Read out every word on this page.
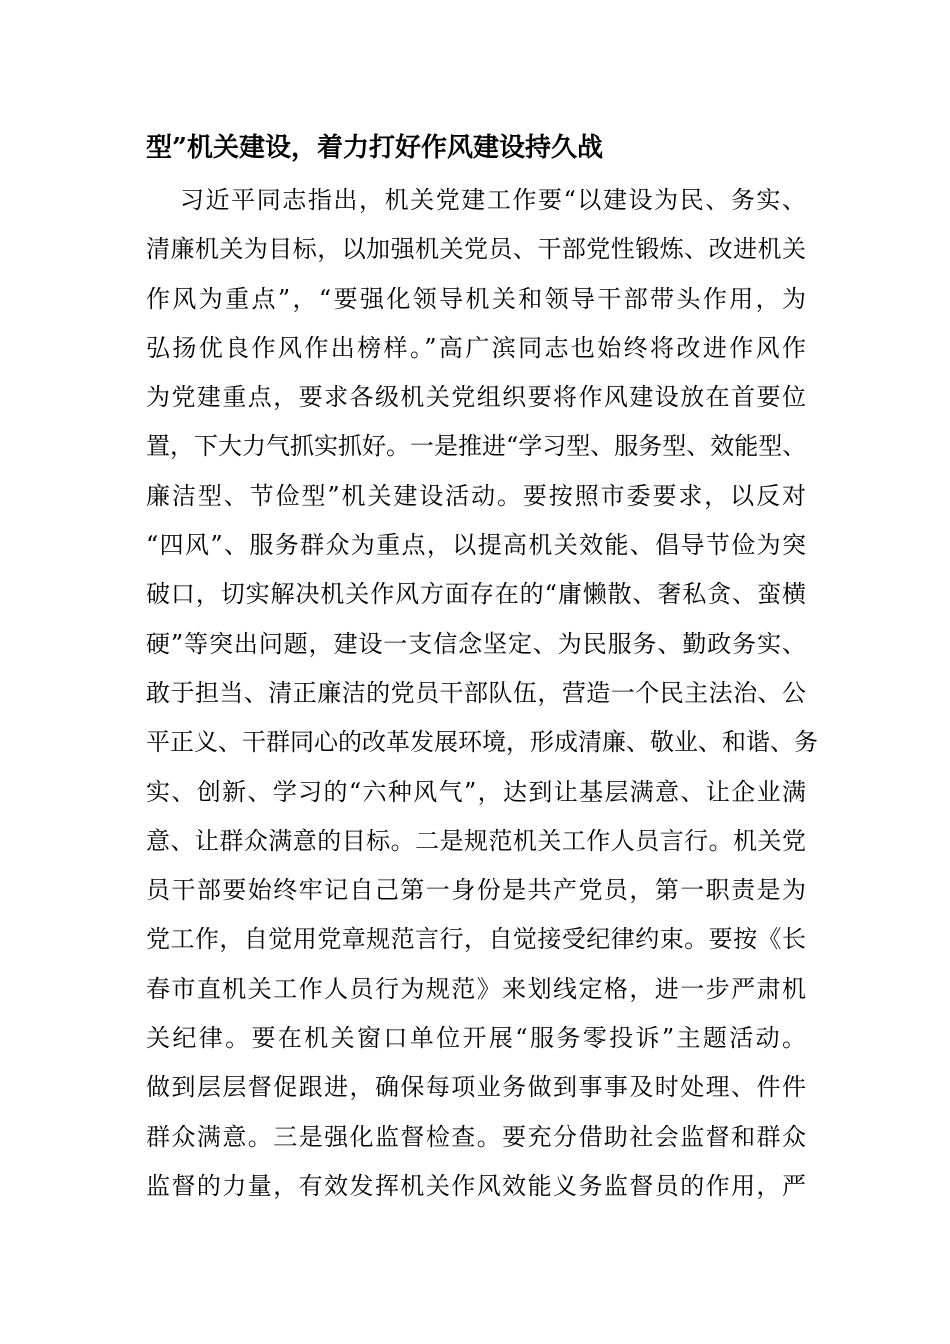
型”机关建设，着力打好作风建设持久战
习近平同志指出，机关党建工作要“以建设为民、务实、
清廉机关为目标，以加强机关党员、干部党性锻炼、改进机关
作风为重点”，“要强化领导机关和领导干部带头作用，为
弘扬优良作风作出榜样。”高广滨同志也始终将改进作风作
为党建重点，要求各级机关党组织要将作风建设放在首要位
置，下大力气抓实抓好。一是推进“学习型、服务型、效能型、
廉洁型、节俭型”机关建设活动。要按照市委要求，以反对
“四风”、服务群众为重点，以提高机关效能、倡导节俭为突
破口，切实解决机关作风方面存在的“庸懒散、奢私贪、蛮横
硬”等突出问题，建设一支信念坚定、为民服务、勤政务实、
敢于担当、清正廉洁的党员干部队伍，营造一个民主法治、公
平正义、干群同心的改革发展环境，形成清廉、敬业、和谐、务
实、创新、学习的“六种风气”，达到让基层满意、让企业满
意、让群众满意的目标。二是规范机关工作人员言行。机关党
员干部要始终牢记自己第一身份是共产党员，第一职责是为
党工作，自觉用党章规范言行，自觉接受纪律约束。要按《长
春市直机关工作人员行为规范》来划线定格，进一步严肃机
关纪律。要在机关窗口单位开展“服务零投诉”主题活动。
做到层层督促跟进，确保每项业务做到事事及时处理、件件
群众满意。三是强化监督检查。要充分借助社会监督和群众
监督的力量，有效发挥机关作风效能义务监督员的作用，严
